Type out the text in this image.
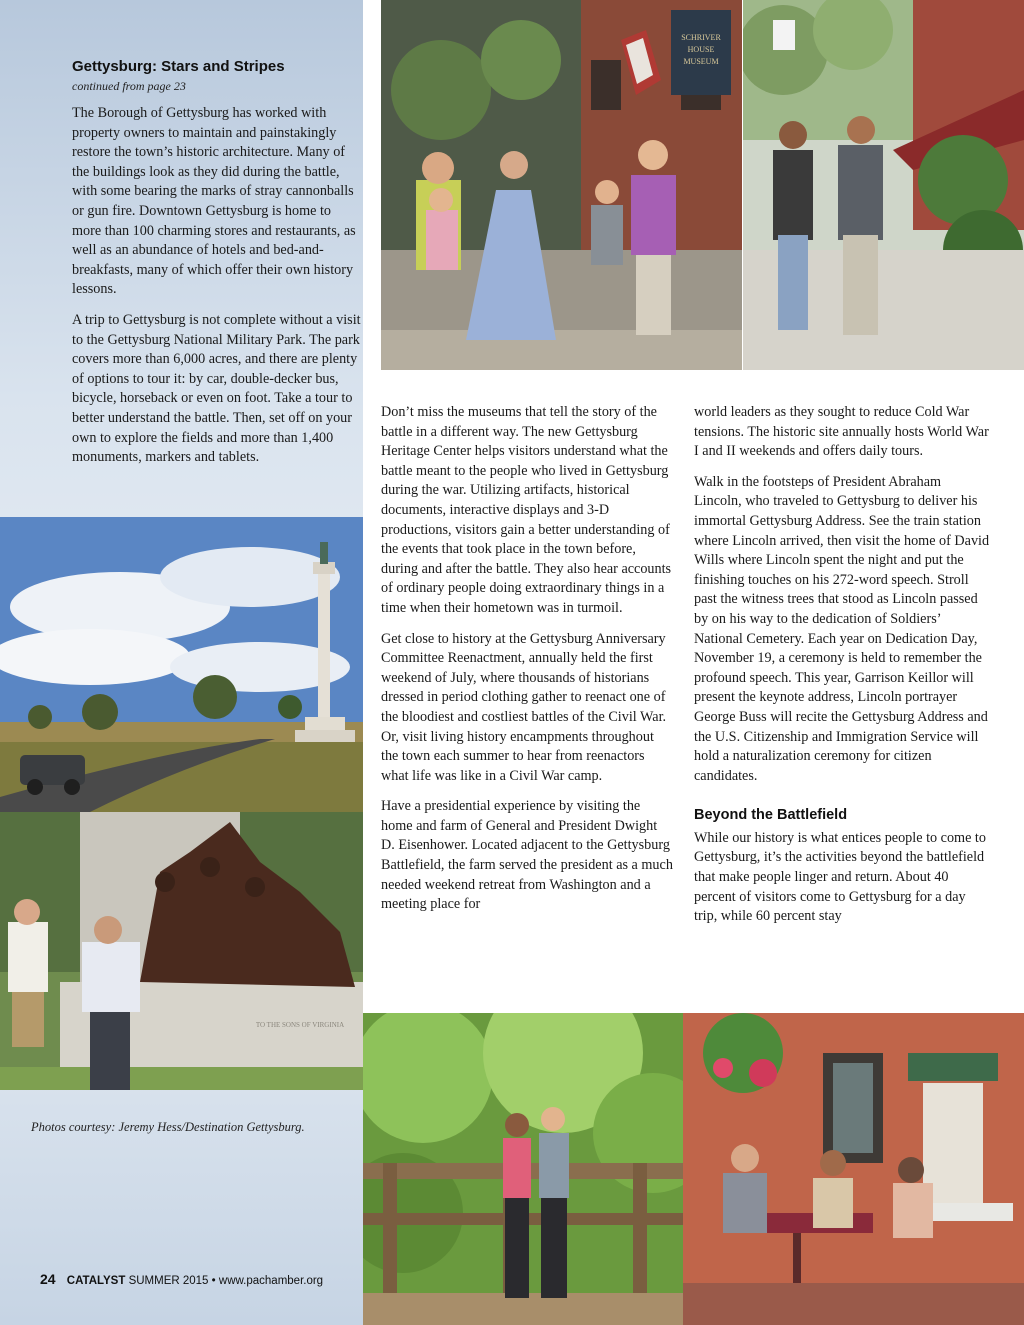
SCHRIVER
HOUSE
MUSEUM
TO THE SONS OF VIRGINIA
Gettysburg: Stars and Stripes
continued from page 23

The Borough of Gettysburg has worked with property owners to maintain and painstakingly restore the town’s historic architecture. Many of the buildings look as they did during the battle, with some bearing the marks of stray cannonballs or gun fire. Downtown Gettysburg is home to more than 100 charming stores and restaurants, as well as an abundance of hotels and bed-and-breakfasts, many of which offer their own history lessons.

A trip to Gettysburg is not complete without a visit to the Gettysburg National Military Park. The park covers more than 6,000 acres, and there are plenty of options to tour it: by car, double-decker bus, bicycle, horseback or even on foot. Take a tour to better understand the battle. Then, set off on your own to explore the fields and more than 1,400 monuments, markers and tablets.

Don’t miss the museums that tell the story of the battle in a different way. The new Gettysburg Heritage Center helps visitors understand what the battle meant to the people who lived in Gettysburg during the war. Utilizing artifacts, historical documents, interactive displays and 3-D productions, visitors gain a better understanding of the events that took place in the town before, during and after the battle. They also hear accounts of ordinary people doing extraordinary things in a time when their hometown was in turmoil.

Get close to history at the Gettysburg Anniversary Committee Reenactment, annually held the first weekend of July, where thousands of historians dressed in period clothing gather to reenact one of the bloodiest and costliest battles of the Civil War. Or, visit living history encampments throughout the town each summer to hear from reenactors what life was like in a Civil War camp.

Have a presidential experience by visiting the home and farm of General and President Dwight D. Eisenhower. Located adjacent to the Gettysburg Battlefield, the farm served the president as a much needed weekend retreat from Washington and a meeting place for

world leaders as they sought to reduce Cold War tensions. The historic site annually hosts World War I and II weekends and offers daily tours.

Walk in the footsteps of President Abraham Lincoln, who traveled to Gettysburg to deliver his immortal Gettysburg Address. See the train station where Lincoln arrived, then visit the home of David Wills where Lincoln spent the night and put the finishing touches on his 272-word speech. Stroll past the witness trees that stood as Lincoln passed by on his way to the dedication of Soldiers’ National Cemetery. Each year on Dedication Day, November 19, a ceremony is held to remember the profound speech. This year, Garrison Keillor will present the keynote address, Lincoln portrayer George Buss will recite the Gettysburg Address and the U.S. Citizenship and Immigration Service will hold a naturalization ceremony for citizen candidates.

Beyond the Battlefield

While our history is what entices people to come to Gettysburg, it’s the activities beyond the battlefield that make people linger and return. About 40 percent of visitors come to Gettysburg for a day trip, while 60 percent stay

Photos courtesy: Jeremy Hess/Destination Gettysburg.
24 CATALYST SUMMER 2015 • www.pachamber.org
